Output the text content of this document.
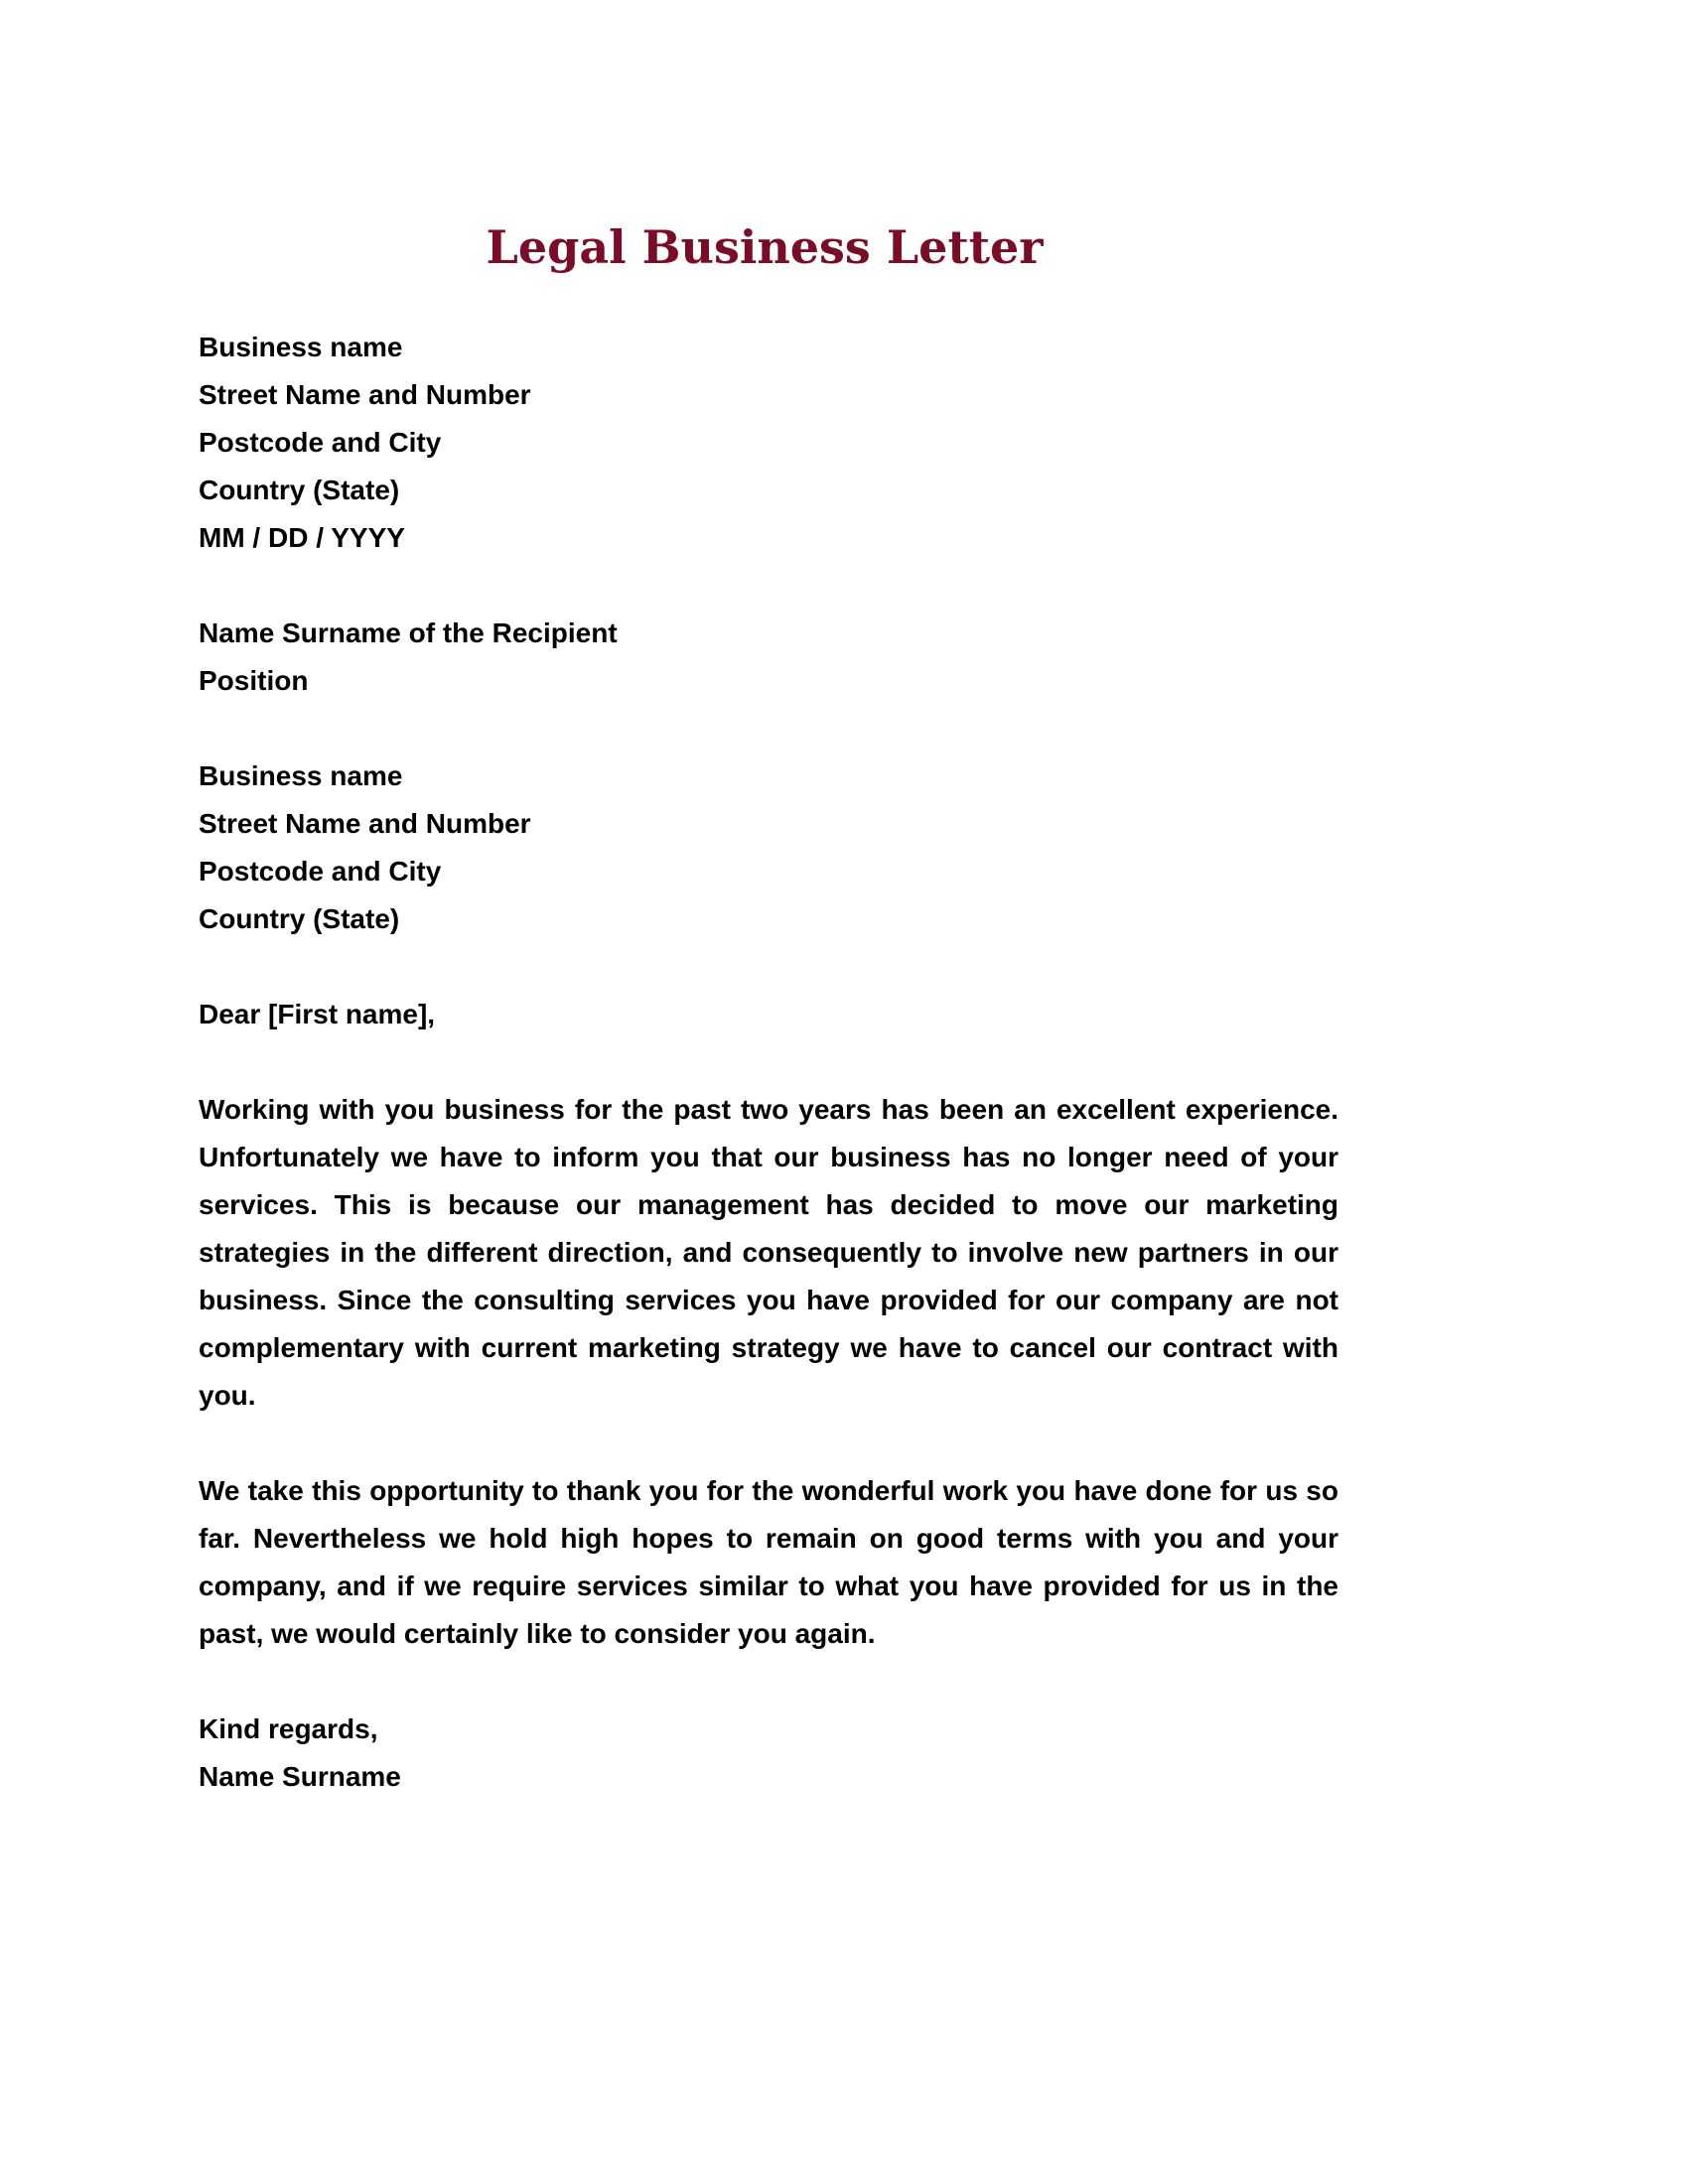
Legal Business Letter
Business name
Street Name and Number
Postcode and City
Country (State)
MM / DD / YYYY
Name Surname of the Recipient
Position
Business name
Street Name and Number
Postcode and City
Country (State)

Dear [First name],

Working with you business for the past two years has been an excellent experience. Unfortunately we have to inform you that our business has no longer need of your services. This is because our management has decided to move our marketing strategies in the different direction, and consequently to involve new partners in our business. Since the consulting services you have provided for our company are not complementary with current marketing strategy we have to cancel our contract with you.

We take this opportunity to thank you for the wonderful work you have done for us so far. Nevertheless we hold high hopes to remain on good terms with you and your company, and if we require services similar to what you have provided for us in the past, we would certainly like to consider you again.

Kind regards,
Name Surname
